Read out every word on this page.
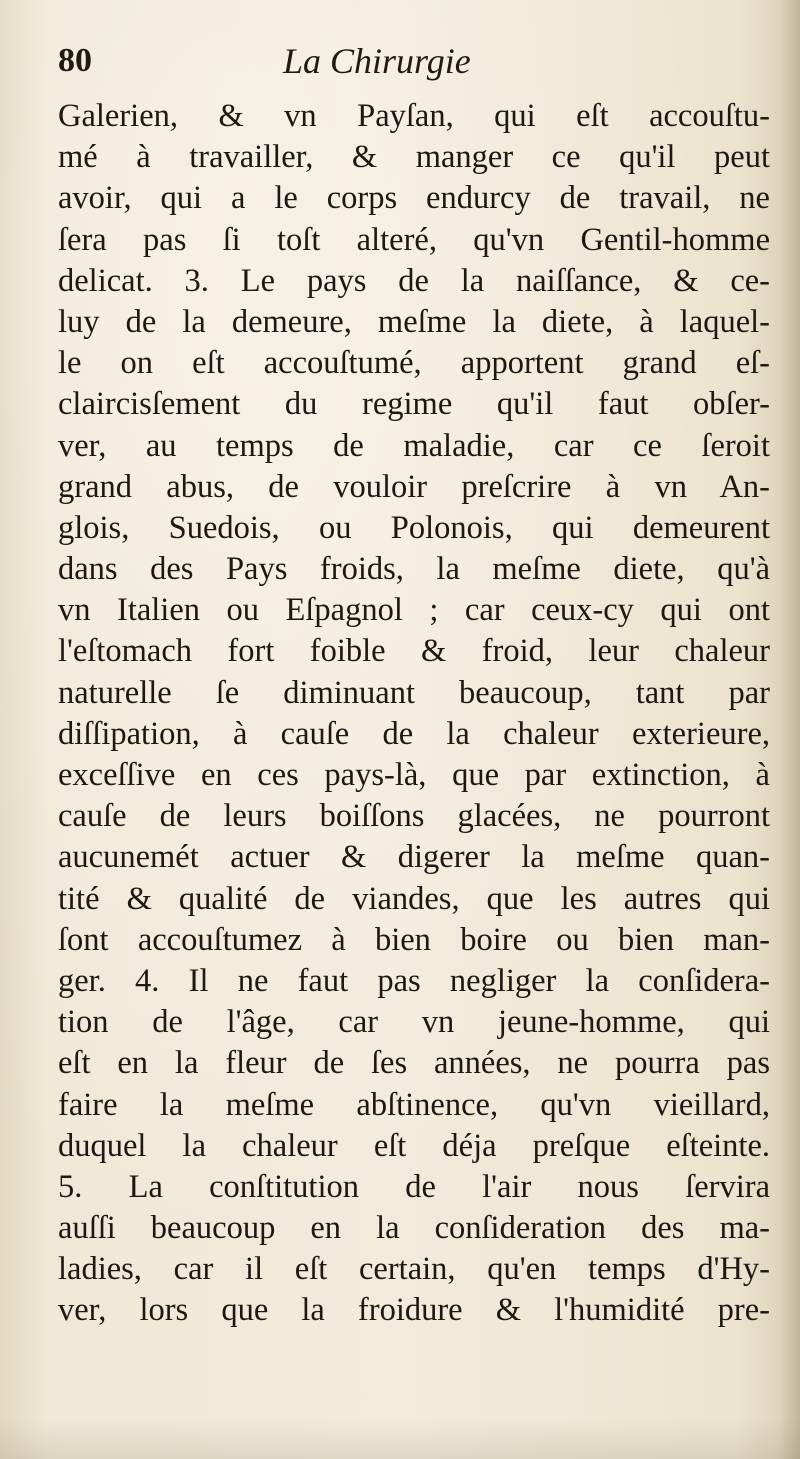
80	La Chirurgie
Galerien, & vn Payſan, qui eſt accouſtu-
mé à travailler, & manger ce qu'il peut
avoir, qui a le corps endurcy de travail, ne
ſera pas ſi toſt alteré, qu'vn Gentil-homme
delicat. 3. Le pays de la naiſſance, & ce-
luy de la demeure, meſme la diete, à laquel-
le on eſt accouſtumé, apportent grand eſ-
claircisſement du regime qu'il faut obſer-
ver, au temps de maladie, car ce ſeroit
grand abus, de vouloir preſcrire à vn An-
glois, Suedois, ou Polonois, qui demeurent
dans des Pays froids, la meſme diete, qu'à
vn Italien ou Eſpagnol ; car ceux-cy qui ont
l'eſtomach fort foible & froid, leur chaleur
naturelle ſe diminuant beaucoup, tant par
diſſipation, à cauſe de la chaleur exterieure,
exceſſive en ces pays-là, que par extinction, à
cauſe de leurs boiſſons glacées, ne pourront
aucunemét actuer & digerer la meſme quan-
tité & qualité de viandes, que les autres qui
ſont accouſtumez à bien boire ou bien man-
ger. 4. Il ne faut pas negliger la conſidera-
tion de l'âge, car vn jeune-homme, qui
eſt en la fleur de ſes années, ne pourra pas
faire la meſme abſtinence, qu'vn vieillard,
duquel la chaleur eſt déja preſque eſteinte.
5. La conſtitution de l'air nous ſervira
auſſi beaucoup en la conſideration des ma-
ladies, car il eſt certain, qu'en temps d'Hy-
ver, lors que la froidure & l'humidité pre-
